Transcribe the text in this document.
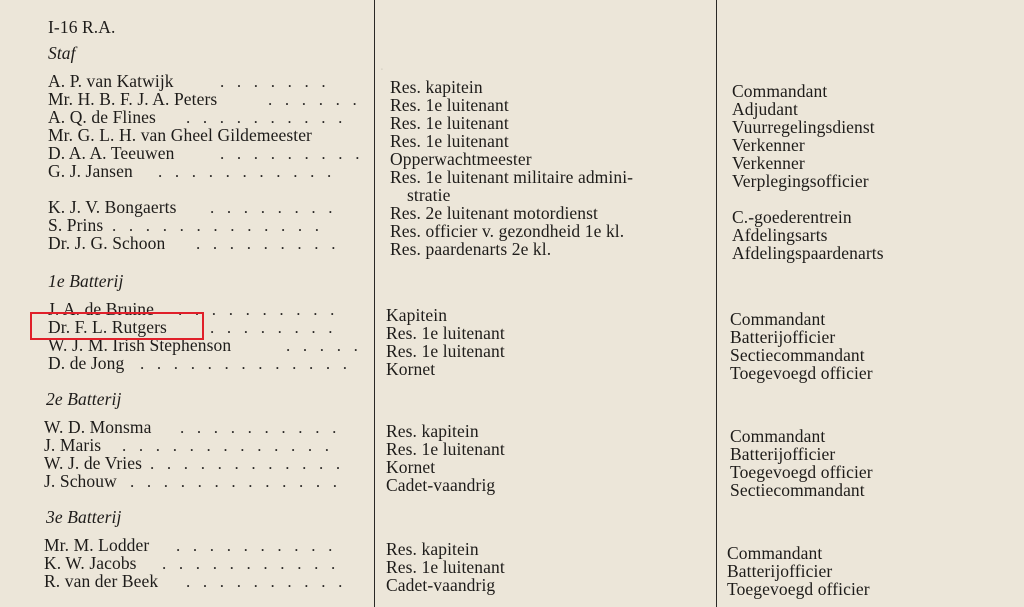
.
I-16 R.A.
Staf
A. P. van Katwijk
Mr. H. B. F. J. A. Peters
A. Q. de Flines
Mr. G. L. H. van Gheel Gildemeester
D. A. A. Teeuwen
G. J. Jansen
K. J. V. Bongaerts
S. Prins
Dr. J. G. Schoon
Res. kapitein
Res. 1e luitenant
Res. 1e luitenant
Res. 1e luitenant
Opperwachtmeester
Res. 1e luitenant militaire admini-
stratie
Res. 2e luitenant motordienst
Res. officier v. gezondheid 1e kl.
Res. paardenarts 2e kl.
Commandant
Adjudant
Vuurregelingsdienst
Verkenner
Verkenner
Verplegingsofficier
C.-goederentrein
Afdelingsarts
Afdelingspaardenarts
1e Batterij
J. A. de Bruine
Dr. F. L. Rutgers
W. J. M. Irish Stephenson
D. de Jong
Kapitein
Res. 1e luitenant
Res. 1e luitenant
Kornet
Commandant
Batterijofficier
Sectiecommandant
Toegevoegd officier
2e Batterij
W. D. Monsma
J. Maris
W. J. de Vries
J. Schouw
Res. kapitein
Res. 1e luitenant
Kornet
Cadet-vaandrig
Commandant
Batterijofficier
Toegevoegd officier
Sectiecommandant
3e Batterij
Mr. M. Lodder
K. W. Jacobs
R. van der Beek
Res. kapitein
Res. 1e luitenant
Cadet-vaandrig
Commandant
Batterijofficier
Toegevoegd officier
. . . . . . .
. . . . . .
. . . . . . . . . .
. . . . . . . . .
. . . . . . . . . . .
. . . . . . . .
. . . . . . . . . . . . .
. . . . . . . . .
. . . . . . . . . .
. . . . . . . .
. . . . .
. . . . . . . . . . . . .
. . . . . . . . . .
. . . . . . . . . . . . .
. . . . . . . . . . . .
. . . . . . . . . . . . .
. . . . . . . . . .
. . . . . . . . . . .
. . . . . . . . . .
